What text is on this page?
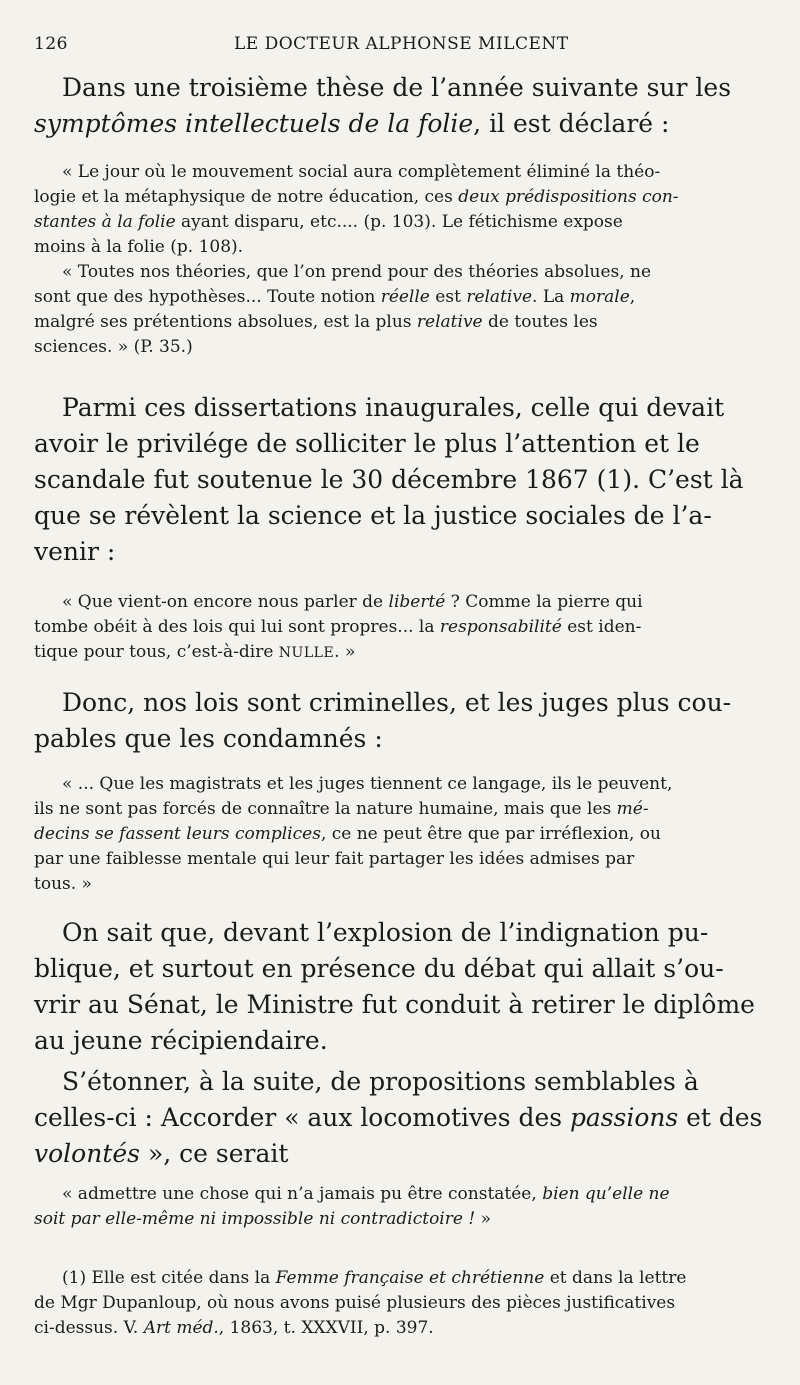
126	LE DOCTEUR ALPHONSE MILCENT
Dans une troisième thèse de l’année suivante sur les
symptômes intellectuels de la folie, il est déclaré :
« Le jour où le mouvement social aura complètement éliminé la théo-
logie et la métaphysique de notre éducation, ces deux prédispositions con-
stantes à la folie ayant disparu, etc.... (p. 103). Le fétichisme expose
moins à la folie (p. 108).
« Toutes nos théories, que l’on prend pour des théories absolues, ne
sont que des hypothèses... Toute notion réelle est relative. La morale,
malgré ses prétentions absolues, est la plus relative de toutes les
sciences. » (P. 35.)
Parmi ces dissertations inaugurales, celle qui devait
avoir le privilége de solliciter le plus l’attention et le
scandale fut soutenue le 30 décembre 1867 (1). C’est là
que se révèlent la science et la justice sociales de l’a-
venir :
« Que vient-on encore nous parler de liberté ? Comme la pierre qui
tombe obéit à des lois qui lui sont propres... la responsabilité est iden-
tique pour tous, c’est-à-dire NULLE. »
Donc, nos lois sont criminelles, et les juges plus cou-
pables que les condamnés :
« ... Que les magistrats et les juges tiennent ce langage, ils le peuvent,
ils ne sont pas forcés de connaître la nature humaine, mais que les mé-
decins se fassent leurs complices, ce ne peut être que par irréflexion, ou
par une faiblesse mentale qui leur fait partager les idées admises par
tous. »
On sait que, devant l’explosion de l’indignation pu-
blique, et surtout en présence du débat qui allait s’ou-
vrir au Sénat, le Ministre fut conduit à retirer le diplôme
au jeune récipiendaire.
S’étonner, à la suite, de propositions semblables à
celles-ci : Accorder « aux locomotives des passions et des
volontés », ce serait
« admettre une chose qui n’a jamais pu être constatée, bien qu’elle ne
soit par elle-même ni impossible ni contradictoire ! »
(1) Elle est citée dans la Femme française et chrétienne et dans la lettre
de Mgr Dupanloup, où nous avons puisé plusieurs des pièces justificatives
ci-dessus. V. Art méd., 1863, t. XXXVII, p. 397.
